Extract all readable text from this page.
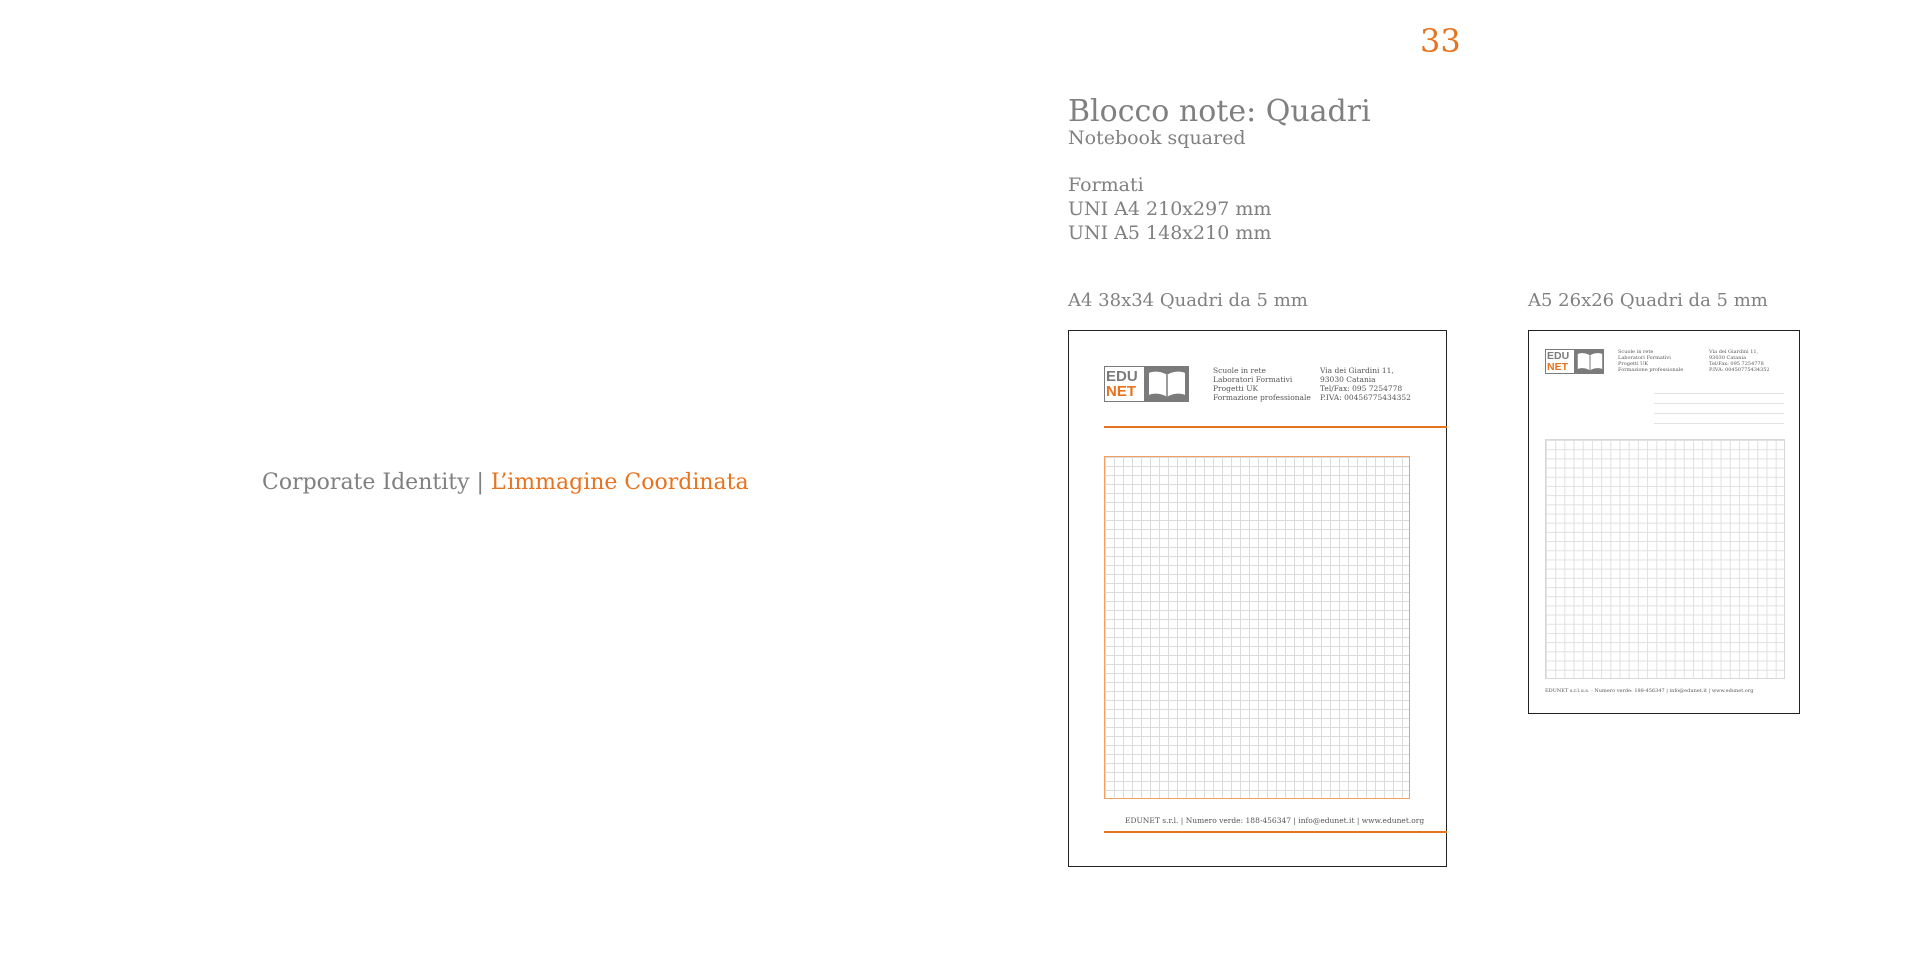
33
Corporate Identity | L’immagine Coordinata
Blocco note: Quadri
Notebook squared
Formati
UNI A4 210x297 mm
UNI A5 148x210 mm
A4 38x34 Quadri da 5 mm	A5 26x26 Quadri da 5 mm
EDU
NET
Scuole in rete
Laboratori Formativi
Progetti UK
Formazione professionale
Via dei Giardini 11,
93030 Catania
Tel/Fax: 095 7254778
P.IVA: 00456775434352
EDUNET s.r.l. | Numero verde: 188-456347 | info@edunet.it | www.edunet.org
EDU
NET
Scuole in rete
Laboratori Formativi
Progetti UK
Formazione professionale
Via dei Giardini 11,
93030 Catania
Tel/Fax: 095 7254778
P.IVA: 00450775434352
EDUNET s.r.l.u.s. - Numero verde: 188-456347 | info@edunet.it | www.edunet.org
